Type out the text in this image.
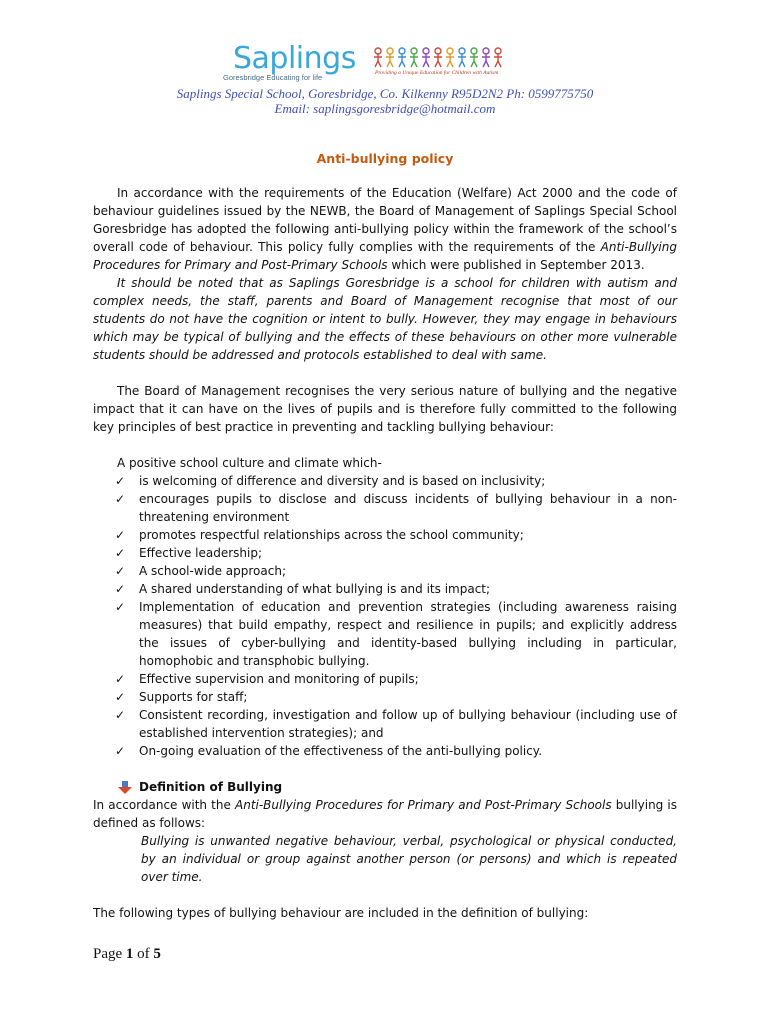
Saplings
Goresbridge Educating for life	Providing a Unique Education for Children with Autism
Saplings Special School, Goresbridge, Co. Kilkenny R95D2N2 Ph: 0599775750
Email: saplingsgoresbridge@hotmail.com
Anti-bullying policy

In accordance with the requirements of the Education (Welfare) Act 2000 and the code of behaviour guidelines issued by the NEWB, the Board of Management of Saplings Special School Goresbridge has adopted the following anti-bullying policy within the framework of the school’s overall code of behaviour. This policy fully complies with the requirements of the Anti-Bullying Procedures for Primary and Post-Primary Schools which were published in September 2013.

It should be noted that as Saplings Goresbridge is a school for children with autism and complex needs, the staff, parents and Board of Management recognise that most of our students do not have the cognition or intent to bully. However, they may engage in behaviours which may be typical of bullying and the effects of these behaviours on other more vulnerable students should be addressed and protocols established to deal with same.

The Board of Management recognises the very serious nature of bullying and the negative impact that it can have on the lives of pupils and is therefore fully committed to the following key principles of best practice in preventing and tackling bullying behaviour:

A positive school culture and climate which-

✓ is welcoming of difference and diversity and is based on inclusivity;
✓ encourages pupils to disclose and discuss incidents of bullying behaviour in a non-threatening environment
✓ promotes respectful relationships across the school community;
✓ Effective leadership;
✓ A school-wide approach;
✓ A shared understanding of what bullying is and its impact;
✓ Implementation of education and prevention strategies (including awareness raising measures) that build empathy, respect and resilience in pupils; and explicitly address the issues of cyber-bullying and identity-based bullying including in particular, homophobic and transphobic bullying.
✓ Effective supervision and monitoring of pupils;
✓ Supports for staff;
✓ Consistent recording, investigation and follow up of bullying behaviour (including use of established intervention strategies); and
✓ On-going evaluation of the effectiveness of the anti-bullying policy.
Definition of Bullying

In accordance with the Anti-Bullying Procedures for Primary and Post-Primary Schools bullying is defined as follows:

Bullying is unwanted negative behaviour, verbal, psychological or physical conducted, by an individual or group against another person (or persons) and which is repeated over time.

The following types of bullying behaviour are included in the definition of bullying:

Page 1 of 5
